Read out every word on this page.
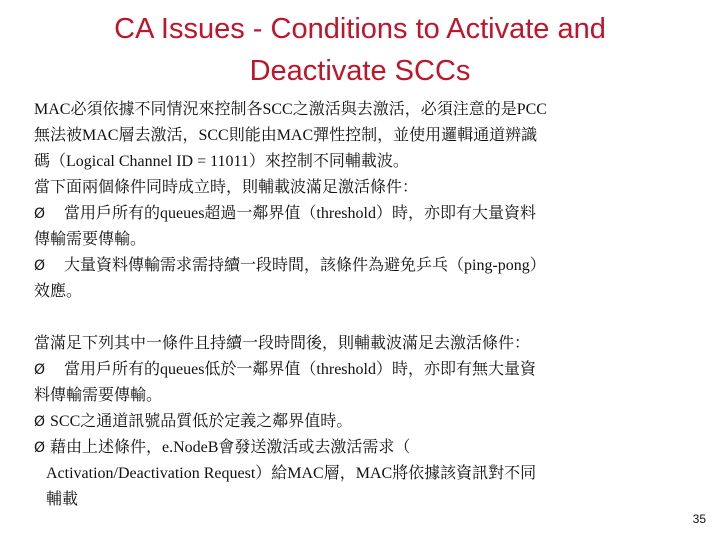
CA Issues - Conditions to Activate and
Deactivate SCCs
MAC必須依據不同情況來控制各SCC之激活與去激活，必須注意的是PCC
無法被MAC層去激活，SCC則能由MAC彈性控制，並使用邏輯通道辨識
碼（Logical Channel ID = 11011）來控制不同輔載波。
當下面兩個條件同時成立時，則輔載波滿足激活條件：
Ø 當用戶所有的queues超過一鄰界值（threshold）時，亦即有大量資料
傳輸需要傳輸。
Ø 大量資料傳輸需求需持續一段時間，該條件為避免乒乓（ping-pong）
效應。
當滿足下列其中一條件且持續一段時間後，則輔載波滿足去激活條件：
Ø 當用戶所有的queues低於一鄰界值（threshold）時，亦即有無大量資
料傳輸需要傳輸。
Ø SCC之通道訊號品質低於定義之鄰界值時。
Ø 藉由上述條件，e.NodeB會發送激活或去激活需求（
Activation/Deactivation Request）給MAC層，MAC將依據該資訊對不同
輔載
35
